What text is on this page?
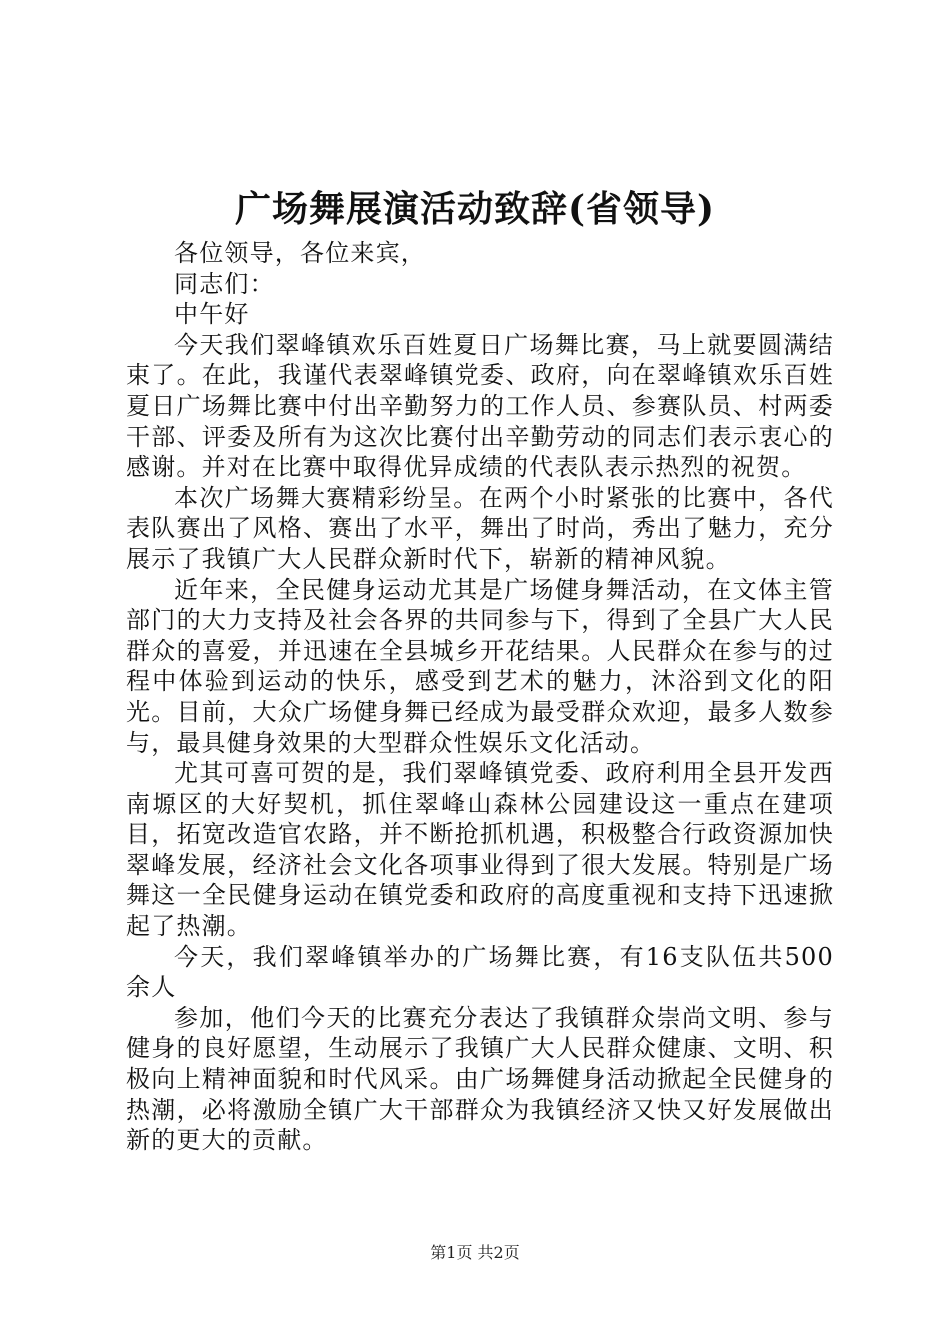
广场舞展演活动致辞(省领导)

各位领导，各位来宾，

同志们：

中午好

今天我们翠峰镇欢乐百姓夏日广场舞比赛，马上就要圆满结束了。在此，我谨代表翠峰镇党委、政府，向在翠峰镇欢乐百姓夏日广场舞比赛中付出辛勤努力的工作人员、参赛队员、村两委干部、评委及所有为这次比赛付出辛勤劳动的同志们表示衷心的感谢。并对在比赛中取得优异成绩的代表队表示热烈的祝贺。

本次广场舞大赛精彩纷呈。在两个小时紧张的比赛中，各代表队赛出了风格、赛出了水平，舞出了时尚，秀出了魅力，充分展示了我镇广大人民群众新时代下，崭新的精神风貌。

近年来，全民健身运动尤其是广场健身舞活动，在文体主管部门的大力支持及社会各界的共同参与下，得到了全县广大人民群众的喜爱，并迅速在全县城乡开花结果。人民群众在参与的过程中体验到运动的快乐，感受到艺术的魅力，沐浴到文化的阳光。目前，大众广场健身舞已经成为最受群众欢迎，最多人数参与，最具健身效果的大型群众性娱乐文化活动。

尤其可喜可贺的是，我们翠峰镇党委、政府利用全县开发西南塬区的大好契机，抓住翠峰山森林公园建设这一重点在建项目，拓宽改造官农路，并不断抢抓机遇，积极整合行政资源加快翠峰发展，经济社会文化各项事业得到了很大发展。特别是广场舞这一全民健身运动在镇党委和政府的高度重视和支持下迅速掀起了热潮。

今天，我们翠峰镇举办的广场舞比赛，有16支队伍共500余人

参加，他们今天的比赛充分表达了我镇群众崇尚文明、参与健身的良好愿望，生动展示了我镇广大人民群众健康、文明、积极向上精神面貌和时代风采。由广场舞健身活动掀起全民健身的热潮，必将激励全镇广大干部群众为我镇经济又快又好发展做出新的更大的贡献。

第1页 共2页
